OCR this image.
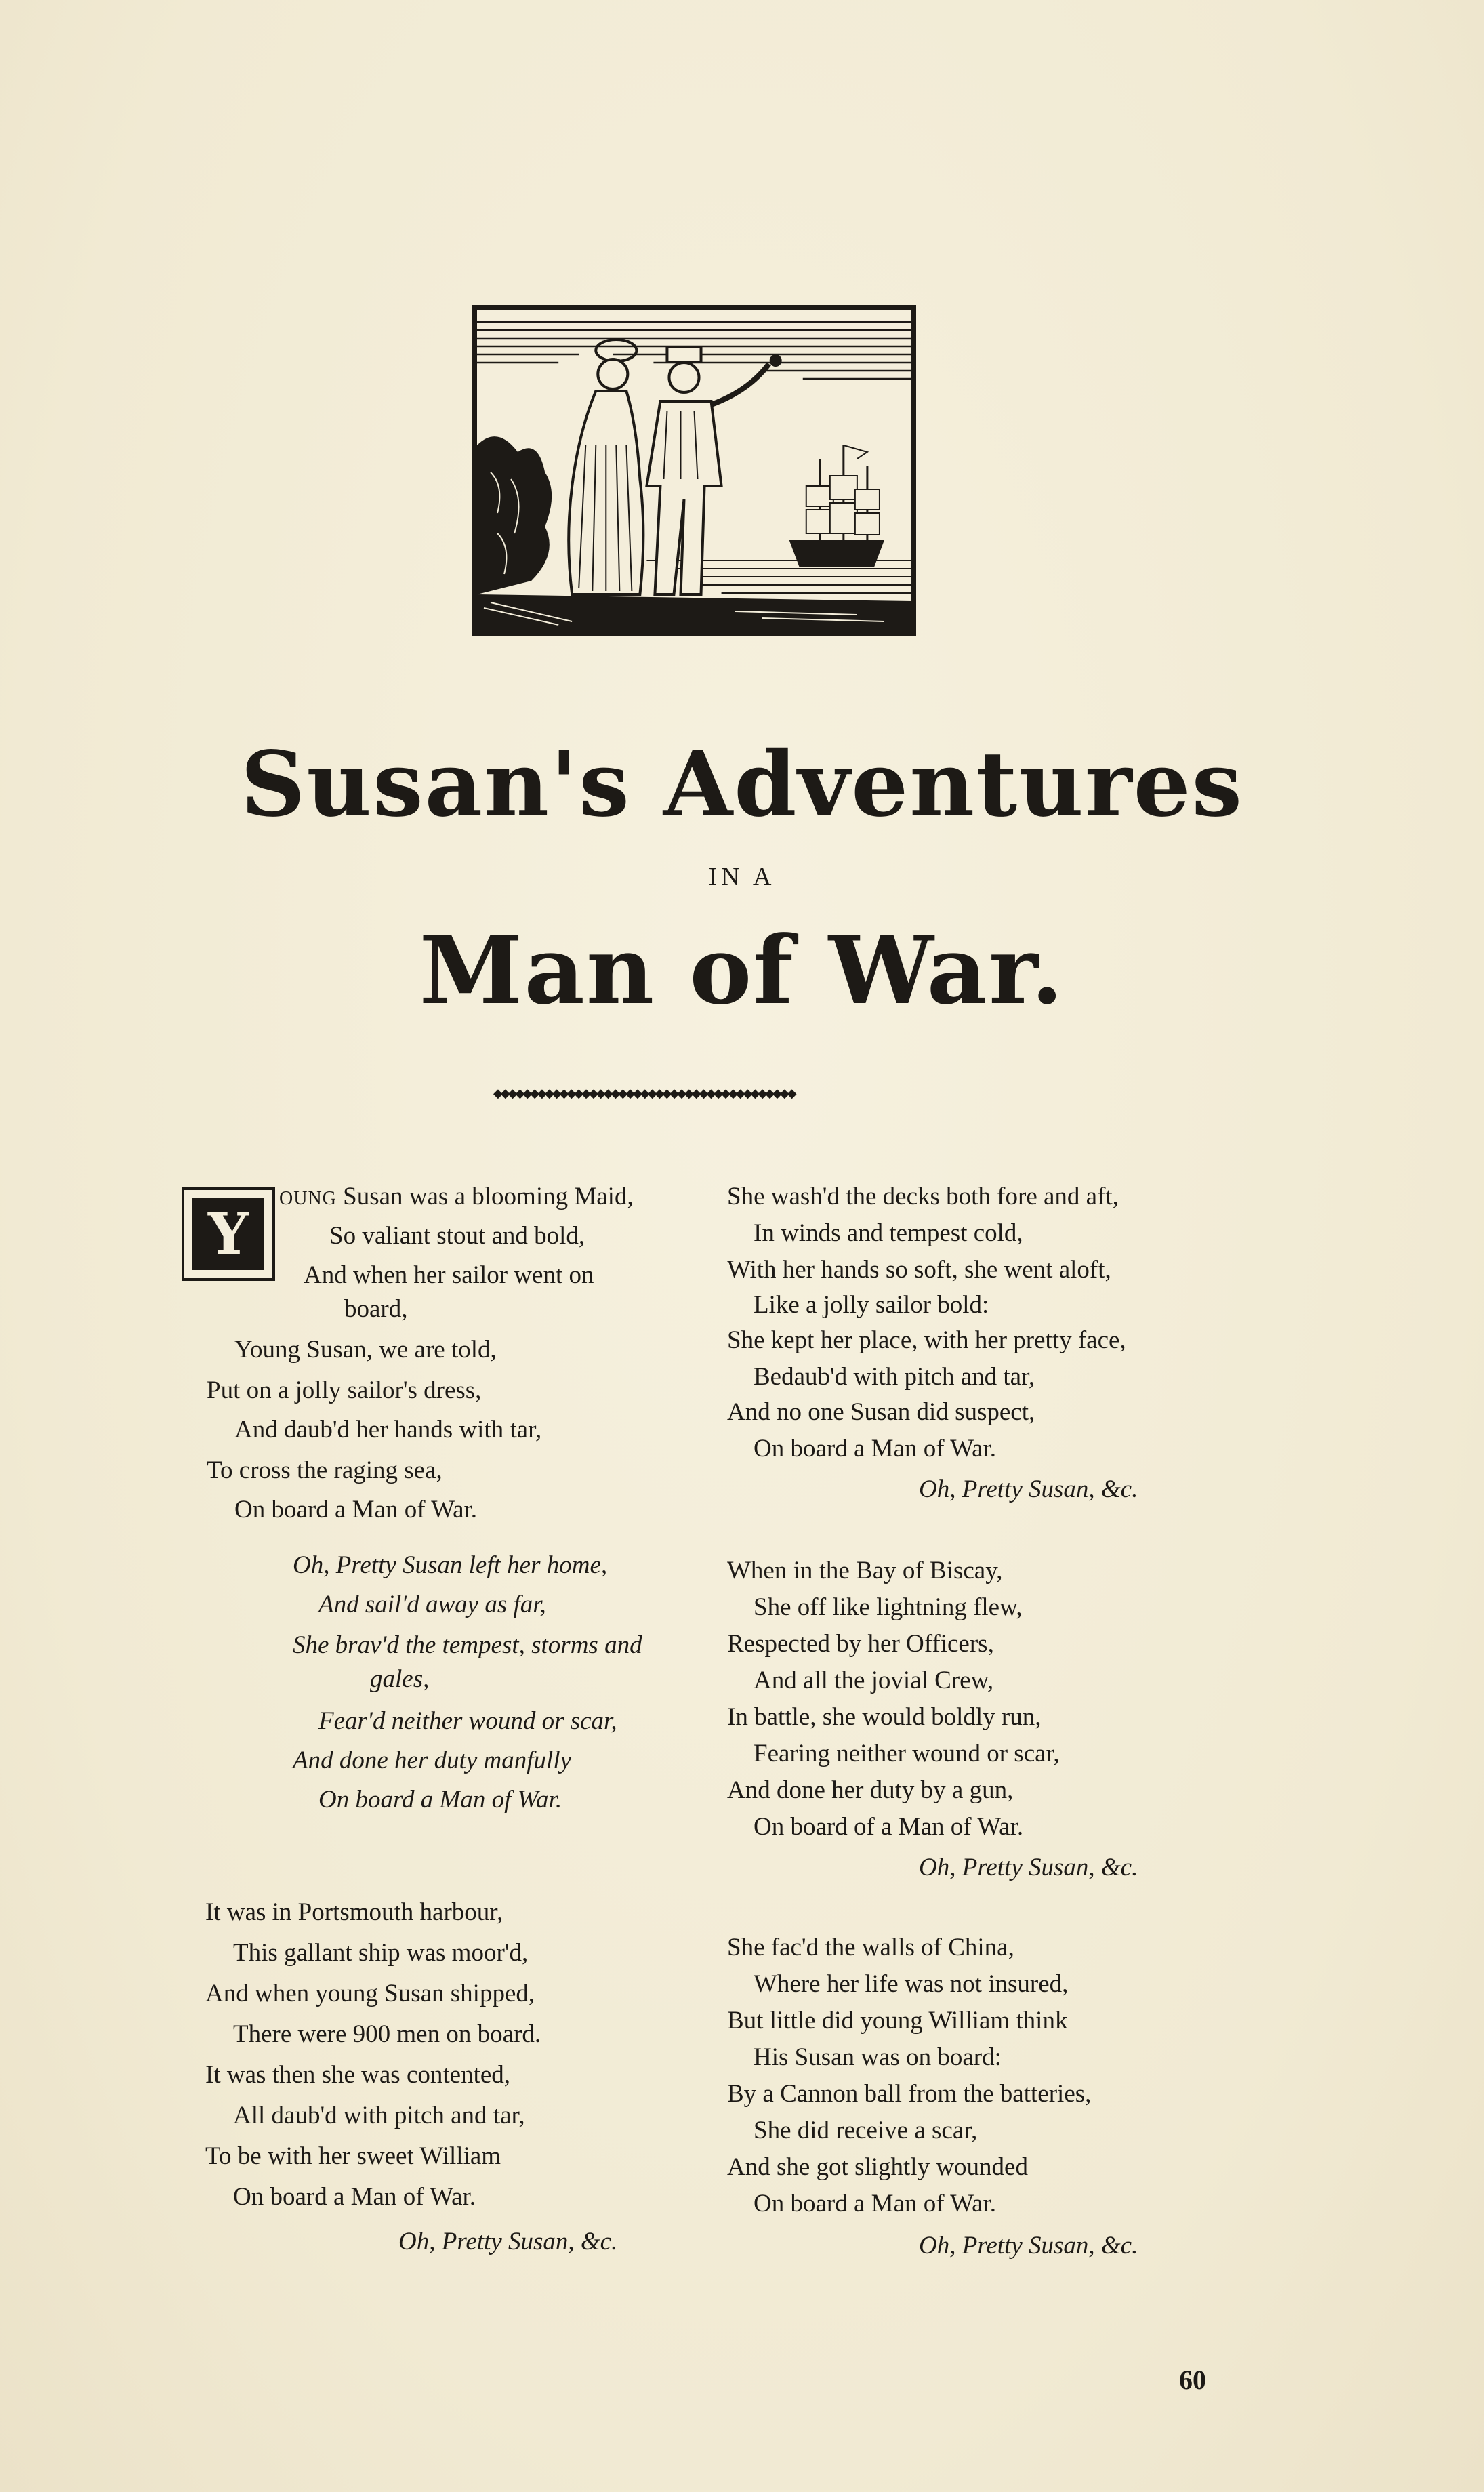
Susan's Adventures
IN A
Man of War.
◆◆◆◆◆◆◆◆◆◆◆◆◆◆◆◆◆◆◆◆◆◆◆◆◆◆◆◆◆◆◆◆◆◆◆◆◆◆◆◆◆
Y
OUNG Susan was a blooming Maid,
So valiant stout and bold,
And when her sailor went on
board,
Young Susan, we are told,
Put on a jolly sailor's dress,
And daub'd her hands with tar,
To cross the raging sea,
On board a Man of War.
Oh, Pretty Susan left her home,
And sail'd away as far,
She brav'd the tempest, storms and
gales,
Fear'd neither wound or scar,
And done her duty manfully
On board a Man of War.
It was in Portsmouth harbour,
This gallant ship was moor'd,
And when young Susan shipped,
There were 900 men on board.
It was then she was contented,
All daub'd with pitch and tar,
To be with her sweet William
On board a Man of War.
Oh, Pretty Susan, &c.
She wash'd the decks both fore and aft,
In winds and tempest cold,
With her hands so soft, she went aloft,
Like a jolly sailor bold:
She kept her place, with her pretty face,
Bedaub'd with pitch and tar,
And no one Susan did suspect,
On board a Man of War.
Oh, Pretty Susan, &c.
When in the Bay of Biscay,
She off like lightning flew,
Respected by her Officers,
And all the jovial Crew,
In battle, she would boldly run,
Fearing neither wound or scar,
And done her duty by a gun,
On board of a Man of War.
Oh, Pretty Susan, &c.
She fac'd the walls of China,
Where her life was not insured,
But little did young William think
His Susan was on board:
By a Cannon ball from the batteries,
She did receive a scar,
And she got slightly wounded
On board a Man of War.
Oh, Pretty Susan, &c.
60
